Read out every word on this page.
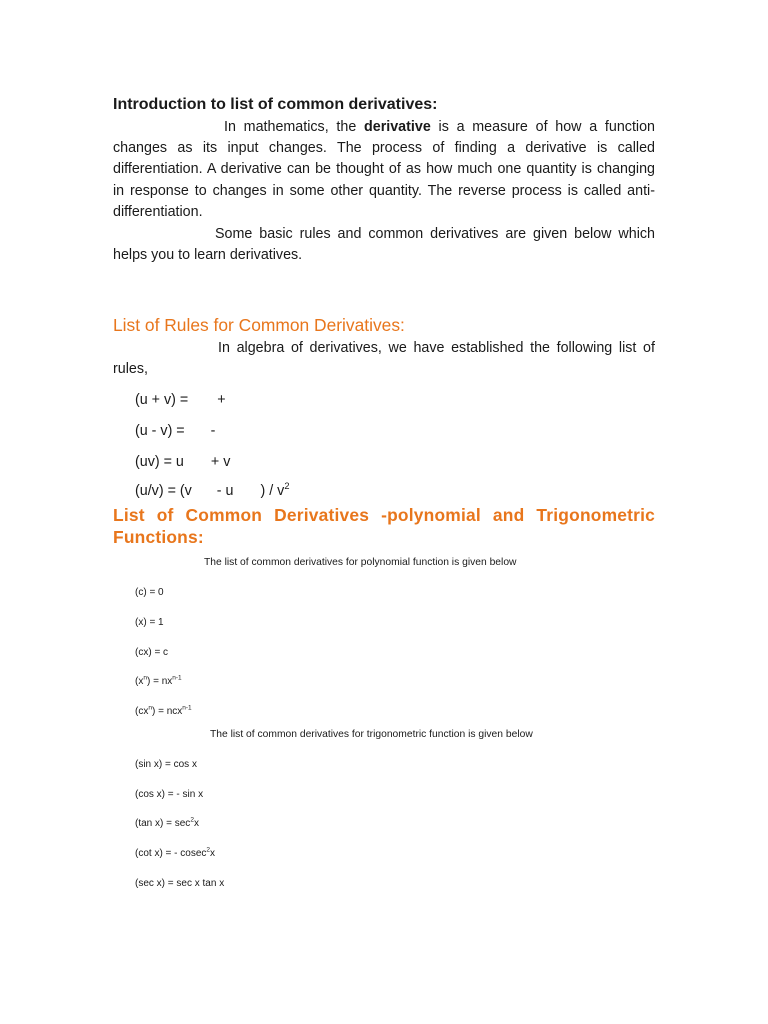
Introduction to list of common derivatives:
In mathematics, the derivative is a measure of how a function changes as its input changes. The process of finding a derivative is called differentiation. A derivative can be thought of as how much one quantity is changing in response to changes in some other quantity. The reverse process is called anti-differentiation.
Some basic rules and common derivatives are given below which helps you to learn derivatives.
List of Rules for Common Derivatives:
In algebra of derivatives, we have established the following list of rules,
(u + v) = +
(u - v) = -
(uv) = u + v
(u/v) = (v - u ) / $v^2$
List of Common Derivatives -polynomial and Trigonometric
Functions:
The list of common derivatives for polynomial function is given below
(c) = 0
(x) = 1
(cx) = c
$(x^n) = nx^{n-1}$
$(cx^n) = ncx^{n-1}$
The list of common derivatives for trigonometric function is given below
(sin x) = cos x
(cos x) = - sin x
(tan $x) = \sec^2x$
(cot x) = - cosec$^2$x
(sec x) = sec x tan x
